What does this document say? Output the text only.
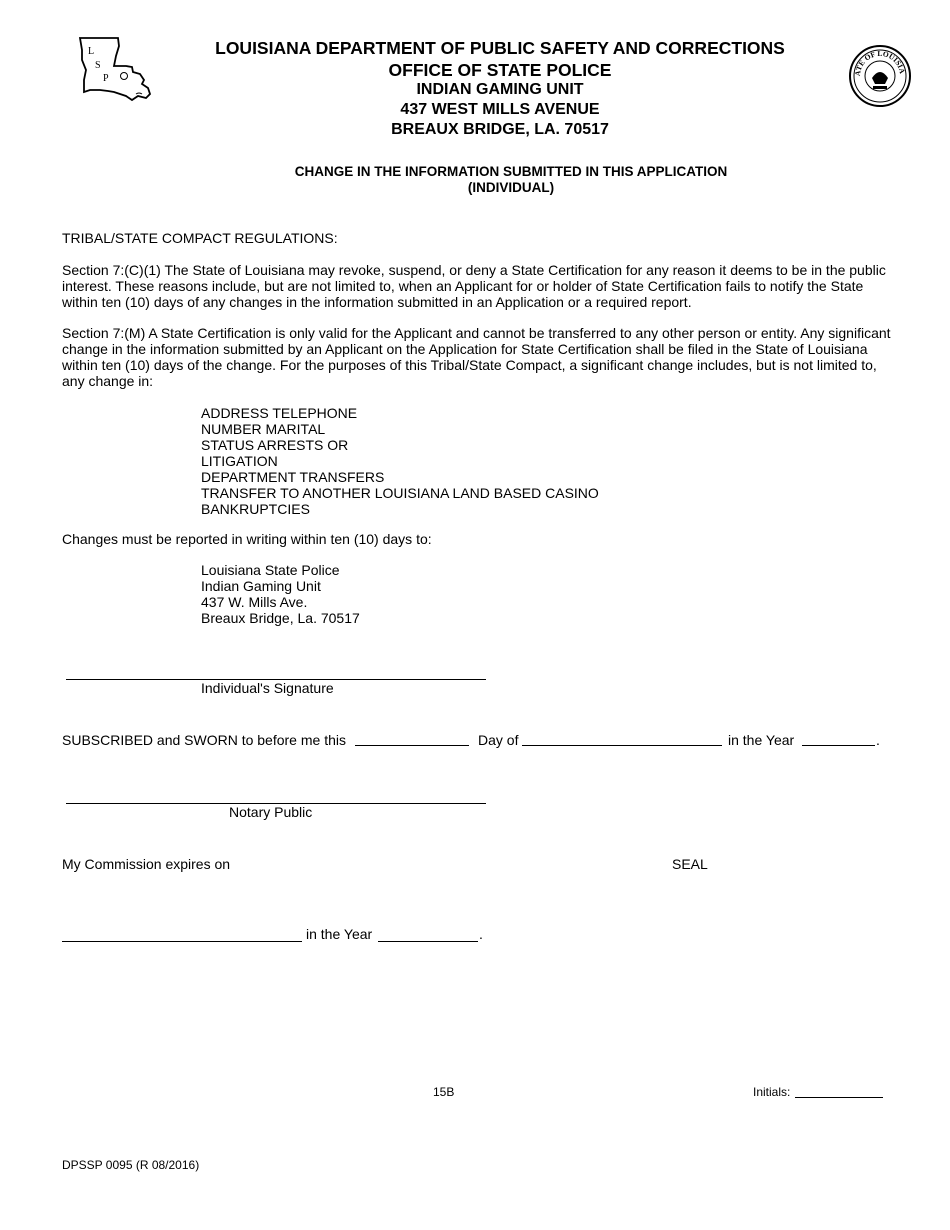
L
S
P	ATE OF LOUISIA
LOUISIANA DEPARTMENT OF PUBLIC SAFETY AND CORRECTIONS
OFFICE OF STATE POLICE
INDIAN GAMING UNIT
437 WEST MILLS AVENUE
BREAUX BRIDGE, LA. 70517
CHANGE IN THE INFORMATION SUBMITTED IN THIS APPLICATION
(INDIVIDUAL)
TRIBAL/STATE COMPACT REGULATIONS:
Section 7:(C)(1) The State of Louisiana may revoke, suspend, or deny a State Certification for any reason it deems to be in the public interest. These reasons include, but are not limited to, when an Applicant for or holder of State Certification fails to notify the State within ten (10) days of any changes in the information submitted in an Application or a required report.
Section 7:(M) A State Certification is only valid for the Applicant and cannot be transferred to any other person or entity. Any significant change in the information submitted by an Applicant on the Application for State Certification shall be filed in the State of Louisiana within ten (10) days of the change. For the purposes of this Tribal/State Compact, a significant change includes, but is not limited to, any change in:
ADDRESS TELEPHONE
NUMBER MARITAL
STATUS ARRESTS OR
LITIGATION
DEPARTMENT TRANSFERS
TRANSFER TO ANOTHER LOUISIANA LAND BASED CASINO
BANKRUPTCIES
Changes must be reported in writing within ten (10) days to:
Louisiana State Police
Indian Gaming Unit
437 W. Mills Ave.
Breaux Bridge, La. 70517
Individual's Signature
SUBSCRIBED and SWORN to before me this	Day of	in the Year	.
Notary Public
My Commission expires on	SEAL
in the Year	.
15B	Initials:
DPSSP 0095 (R 08/2016)
